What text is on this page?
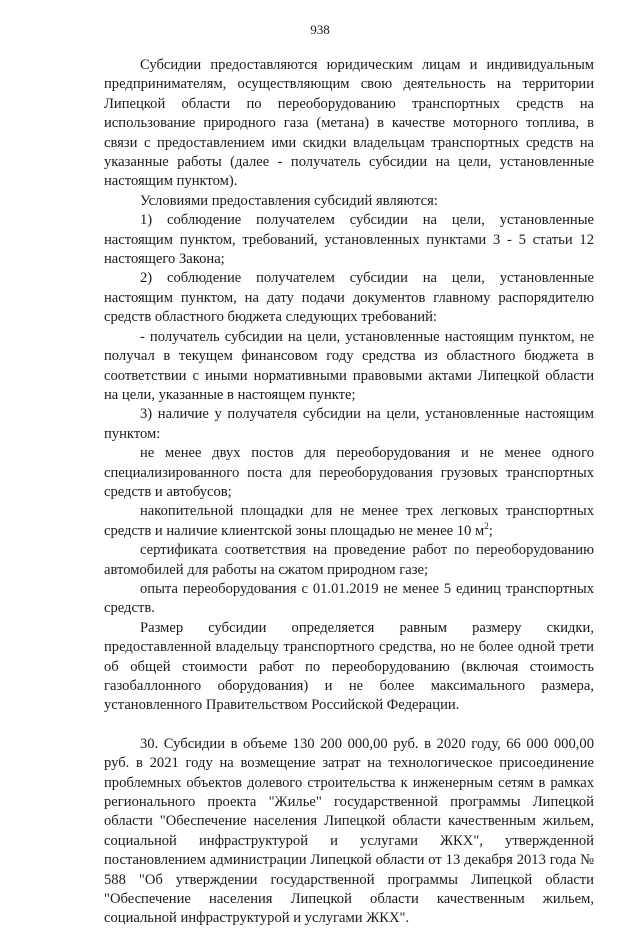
938

Субсидии предоставляются юридическим лицам и индивидуальным предпринимателям, осуществляющим свою деятельность на территории Липецкой области по переоборудованию транспортных средств на использование природного газа (метана) в качестве моторного топлива, в связи с предоставлением ими скидки владельцам транспортных средств на указанные работы (далее - получатель субсидии на цели, установленные настоящим пунктом).

Условиями предоставления субсидий являются:

1) соблюдение получателем субсидии на цели, установленные настоящим пунктом, требований, установленных пунктами 3 - 5 статьи 12 настоящего Закона;

2) соблюдение получателем субсидии на цели, установленные настоящим пунктом, на дату подачи документов главному распорядителю средств областного бюджета следующих требований:

- получатель субсидии на цели, установленные настоящим пунктом, не получал в текущем финансовом году средства из областного бюджета в соответствии с иными нормативными правовыми актами Липецкой области на цели, указанные в настоящем пункте;

3) наличие у получателя субсидии на цели, установленные настоящим пунктом:

не менее двух постов для переоборудования и не менее одного специализированного поста для переоборудования грузовых транспортных средств и автобусов;

накопительной площадки для не менее трех легковых транспортных средств и наличие клиентской зоны площадью не менее 10 $м^2$;

сертификата соответствия на проведение работ по переоборудованию автомобилей для работы на сжатом природном газе;

опыта переоборудования с 01.01.2019 не менее 5 единиц транспортных средств.

Размер субсидии определяется равным размеру скидки, предоставленной владельцу транспортного средства, но не более одной трети об общей стоимости работ по переоборудованию (включая стоимость газобаллонного оборудования) и не более максимального размера, установленного Правительством Российской Федерации.

30. Субсидии в объеме 130 200 000,00 руб. в 2020 году, 66 000 000,00 руб. в 2021 году на возмещение затрат на технологическое присоединение проблемных объектов долевого строительства к инженерным сетям в рамках регионального проекта "Жилье" государственной программы Липецкой области "Обеспечение населения Липецкой области качественным жильем, социальной инфраструктурой и услугами ЖКХ", утвержденной постановлением администрации Липецкой области от 13 декабря 2013 года № 588 "Об утверждении государственной программы Липецкой области "Обеспечение населения Липецкой области качественным жильем, социальной инфраструктурой и услугами ЖКХ".
